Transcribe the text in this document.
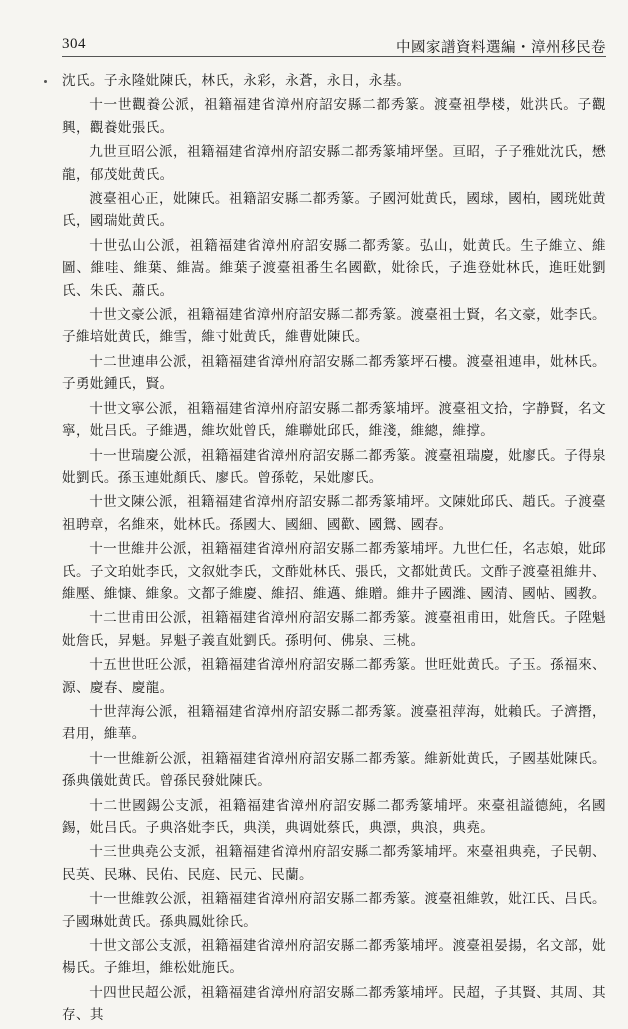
304	中國家譜資料選編・漳州移民卷

沈氏。子永隆妣陳氏，林氏，永彩，永蒼，永日，永基。

十一世觀養公派，祖籍福建省漳州府詔安縣二都秀篆。渡臺祖學楼，妣洪氏。子觀興，觀養妣張氏。

九世亘昭公派，祖籍福建省漳州府詔安縣二都秀篆埔坪堡。亘昭，子子雅妣沈氏，懋龍，郁茂妣黄氏。

渡臺祖心正，妣陳氏。祖籍詔安縣二都秀篆。子國河妣黄氏，國球，國柏，國珖妣黄氏，國瑞妣黄氏。

十世弘山公派，祖籍福建省漳州府詔安縣二都秀篆。弘山，妣黄氏。生子維立、維圖、維哇、維葉、維嵩。維葉子渡臺祖番生名國歡，妣徐氏，子進登妣林氏，進旺妣劉氏、朱氏、蕭氏。

十世文豪公派，祖籍福建省漳州府詔安縣二都秀篆。渡臺祖士賢，名文豪，妣李氏。子維培妣黄氏，維雪，維寸妣黄氏，維曹妣陳氏。

十二世連串公派，祖籍福建省漳州府詔安縣二都秀篆坪石樓。渡臺祖連串，妣林氏。子勇妣鍾氏，賢。

十世文寧公派，祖籍福建省漳州府詔安縣二都秀篆埔坪。渡臺祖文拾，字静賢，名文寧，妣吕氏。子維遇，維坎妣曾氏，維聯妣邱氏，維淺，維總，維撑。

十一世瑞慶公派，祖籍福建省漳州府詔安縣二都秀篆。渡臺祖瑞慶，妣廖氏。子得泉妣劉氏。孫玉連妣顏氏、廖氏。曾孫乾，呆妣廖氏。

十世文陳公派，祖籍福建省漳州府詔安縣二都秀篆埔坪。文陳妣邱氏、趙氏。子渡臺祖聘章，名維來，妣林氏。孫國大、國細、國歡、國鴛、國春。

十一世維井公派，祖籍福建省漳州府詔安縣二都秀篆埔坪。九世仁任，名志娘，妣邱氏。子文珀妣李氏，文叙妣李氏，文酢妣林氏、張氏，文都妣黄氏。文酢子渡臺祖維井、維壓、維慷、維象。文都子維慶、維招、維邁、維贈。維井子國潍、國清、國帖、國教。

十二世甫田公派，祖籍福建省漳州府詔安縣二都秀篆。渡臺祖甫田，妣詹氏。子陞魁妣詹氏，昇魁。昇魁子義直妣劉氏。孫明何、佛泉、三桃。

十五世世旺公派，祖籍福建省漳州府詔安縣二都秀篆。世旺妣黄氏。子玉。孫福來、源、慶春、慶龍。

十世萍海公派，祖籍福建省漳州府詔安縣二都秀篆。渡臺祖萍海，妣賴氏。子濟撍，君用，維華。

十一世維新公派，祖籍福建省漳州府詔安縣二都秀篆。維新妣黄氏，子國基妣陳氏。孫典儀妣黄氏。曾孫民發妣陳氏。

十二世國錫公支派，祖籍福建省漳州府詔安縣二都秀篆埔坪。來臺祖謚德純，名國錫，妣吕氏。子典洛妣李氏，典渼，典调妣蔡氏，典漂，典浪，典堯。

十三世典堯公支派，祖籍福建省漳州府詔安縣二都秀篆埔坪。來臺祖典堯，子民朝、民英、民琳、民佑、民庭、民元、民蘭。

十一世維敦公派，祖籍福建省漳州府詔安縣二都秀篆。渡臺祖維敦，妣江氏、吕氏。子國琳妣黄氏。孫典鳳妣徐氏。

十世文部公支派，祖籍福建省漳州府詔安縣二都秀篆埔坪。渡臺祖晏揚，名文部，妣楊氏。子維坦，維松妣施氏。

十四世民超公派，祖籍福建省漳州府詔安縣二都秀篆埔坪。民超，子其賢、其周、其存、其
